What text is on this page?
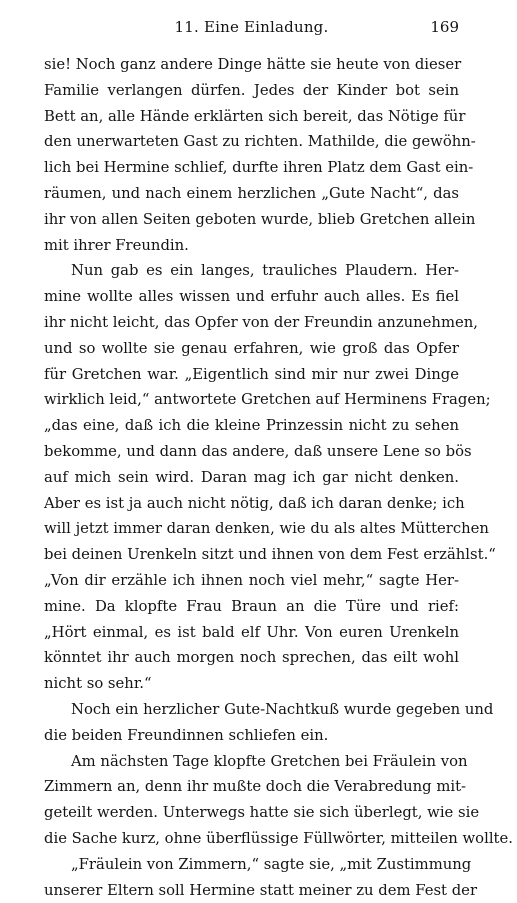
11. Eine Einladung.	169
sie! Noch ganz andere Dinge hätte sie heute von dieser
Familie verlangen dürfen. Jedes der Kinder bot sein
Bett an, alle Hände erklärten sich bereit, das Nötige für
den unerwarteten Gast zu richten. Mathilde, die gewöhn-
lich bei Hermine schlief, durfte ihren Platz dem Gast ein-
räumen, und nach einem herzlichen „Gute Nacht“, das
ihr von allen Seiten geboten wurde, blieb Gretchen allein
mit ihrer Freundin.
Nun gab es ein langes, trauliches Plaudern. Her-
mine wollte alles wissen und erfuhr auch alles. Es fiel
ihr nicht leicht, das Opfer von der Freundin anzunehmen,
und so wollte sie genau erfahren, wie groß das Opfer
für Gretchen war. „Eigentlich sind mir nur zwei Dinge
wirklich leid,“ antwortete Gretchen auf Herminens Fragen;
„das eine, daß ich die kleine Prinzessin nicht zu sehen
bekomme, und dann das andere, daß unsere Lene so bös
auf mich sein wird. Daran mag ich gar nicht denken.
Aber es ist ja auch nicht nötig, daß ich daran denke; ich
will jetzt immer daran denken, wie du als altes Mütterchen
bei deinen Urenkeln sitzt und ihnen von dem Fest erzählst.“
„Von dir erzähle ich ihnen noch viel mehr,“ sagte Her-
mine. Da klopfte Frau Braun an die Türe und rief:
„Hört einmal, es ist bald elf Uhr. Von euren Urenkeln
könntet ihr auch morgen noch sprechen, das eilt wohl
nicht so sehr.“
Noch ein herzlicher Gute-Nachtkuß wurde gegeben und
die beiden Freundinnen schliefen ein.
Am nächsten Tage klopfte Gretchen bei Fräulein von
Zimmern an, denn ihr mußte doch die Verabredung mit-
geteilt werden. Unterwegs hatte sie sich überlegt, wie sie
die Sache kurz, ohne überflüssige Füllwörter, mitteilen wollte.
„Fräulein von Zimmern,“ sagte sie, „mit Zustimmung
unserer Eltern soll Hermine statt meiner zu dem Fest der
